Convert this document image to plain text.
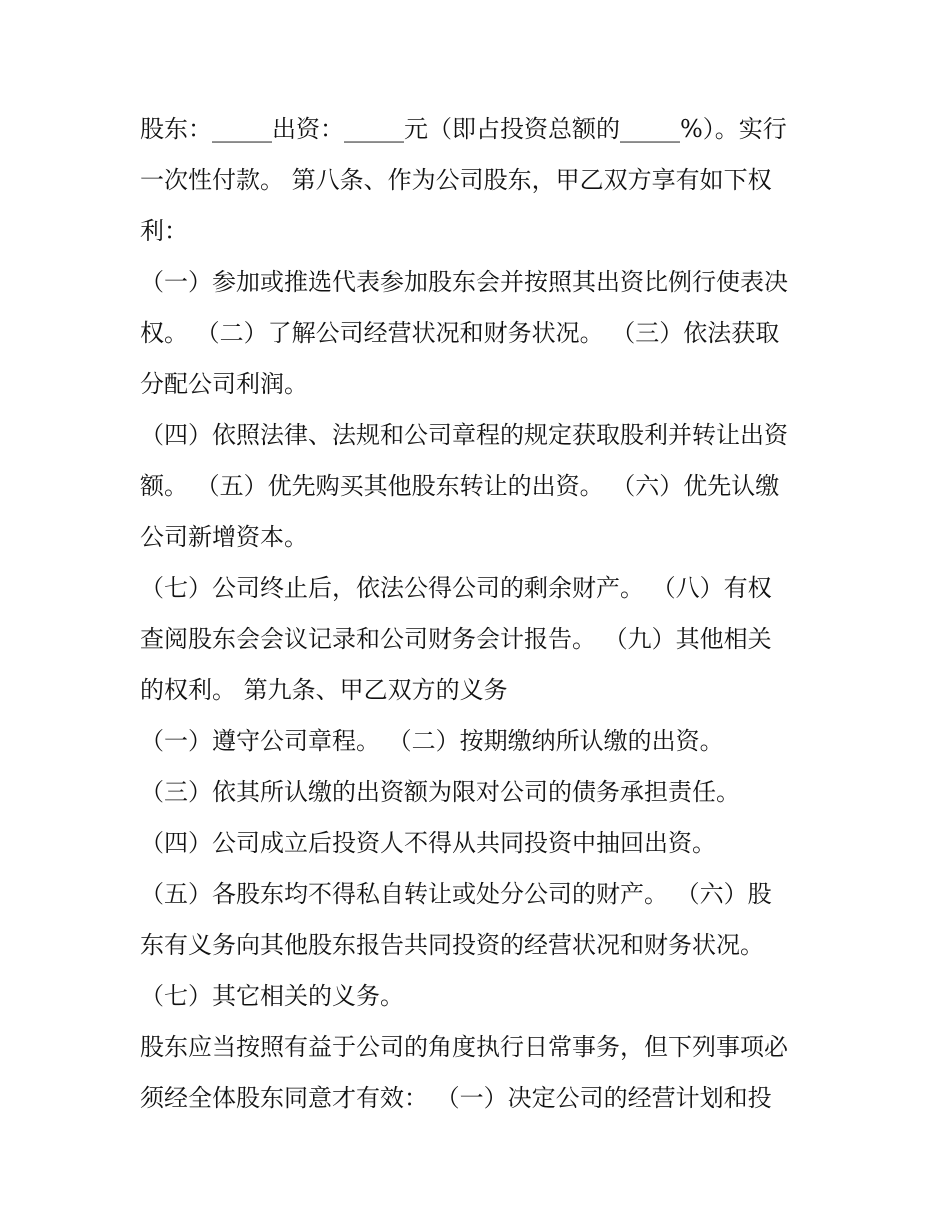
股东：_____出资：_____元（即占投资总额的_____%）。实行
一次性付款。 第八条、作为公司股东，甲乙双方享有如下权
利：
（一）参加或推选代表参加股东会并按照其出资比例行使表决
权。 （二）了解公司经营状况和财务状况。 （三）依法获取
分配公司利润。
（四）依照法律、法规和公司章程的规定获取股利并转让出资
额。 （五）优先购买其他股东转让的出资。 （六）优先认缴
公司新增资本。
（七）公司终止后，依法公得公司的剩余财产。 （八）有权
查阅股东会会议记录和公司财务会计报告。 （九）其他相关
的权利。 第九条、甲乙双方的义务
（一）遵守公司章程。 （二）按期缴纳所认缴的出资。
（三）依其所认缴的出资额为限对公司的债务承担责任。
（四）公司成立后投资人不得从共同投资中抽回出资。
（五）各股东均不得私自转让或处分公司的财产。 （六）股
东有义务向其他股东报告共同投资的经营状况和财务状况。
（七）其它相关的义务。
股东应当按照有益于公司的角度执行日常事务，但下列事项必
须经全体股东同意才有效： （一）决定公司的经营计划和投
